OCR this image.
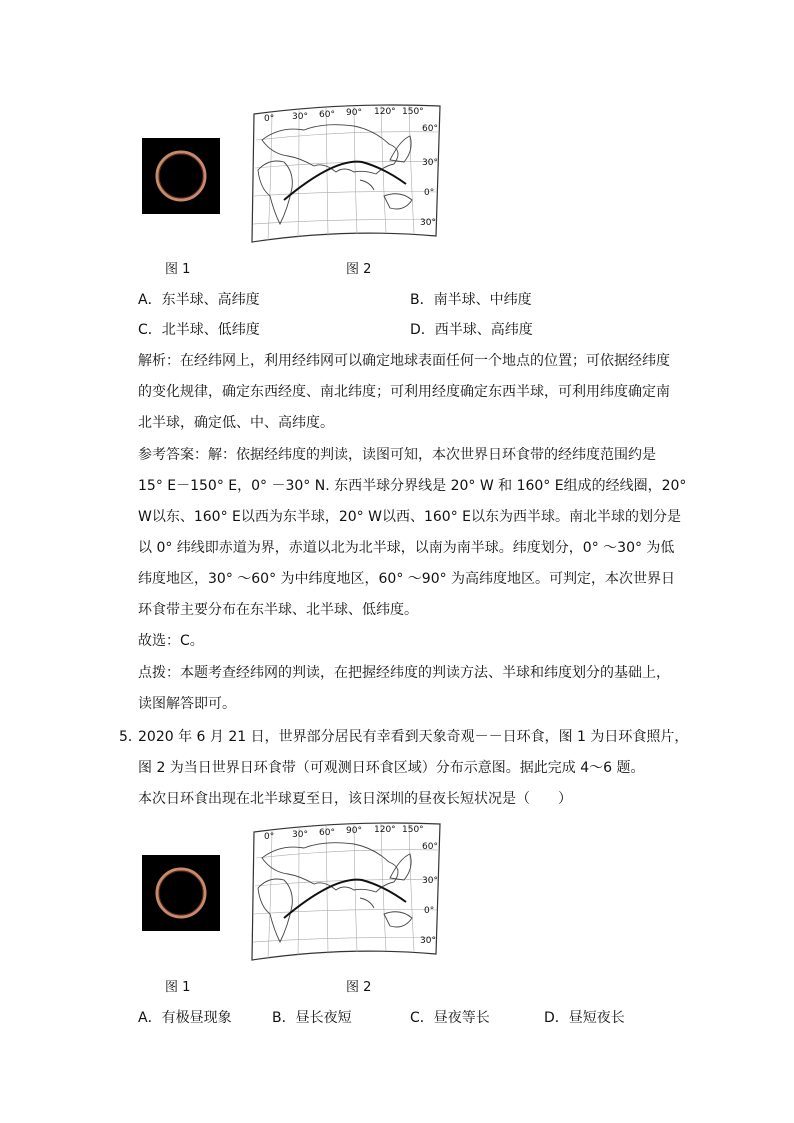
0° 30° 60° 90° 120° 150°
60°
30°
0°
30°
图 1	图 2
A．东半球、高纬度	B．南半球、中纬度
C．北半球、低纬度	D．西半球、高纬度
解析：在经纬网上，利用经纬网可以确定地球表面任何一个地点的位置；可依据经纬度
的变化规律，确定东西经度、南北纬度；可利用经度确定东西半球，可利用纬度确定南
北半球，确定低、中、高纬度。
参考答案：解：依据经纬度的判读，读图可知，本次世界日环食带的经纬度范围约是
15° E－150° E，0° －30° N. 东西半球分界线是 20° W 和 160° E组成的经线圈，20°
W以东、160° E以西为东半球，20° W以西、160° E以东为西半球。南北半球的划分是
以 0° 纬线即赤道为界，赤道以北为北半球，以南为南半球。纬度划分，0° ～30° 为低
纬度地区，30° ～60° 为中纬度地区，60° ～90° 为高纬度地区。可判定，本次世界日
环食带主要分布在东半球、北半球、低纬度。
故选：C。
点拨：本题考查经纬网的判读，在把握经纬度的判读方法、半球和纬度划分的基础上，
读图解答即可。
5．
2020 年 6 月 21 日，世界部分居民有幸看到天象奇观－－日环食，图 1 为日环食照片，
图 2 为当日世界日环食带（可观测日环食区域）分布示意图。据此完成 4～6 题。
本次日环食出现在北半球夏至日，该日深圳的昼夜长短状况是（　　）
0° 30° 60° 90° 120° 150°
60°
30°
0°
30°
图 1	图 2
A．有极昼现象	B．昼长夜短	C．昼夜等长	D．昼短夜长
